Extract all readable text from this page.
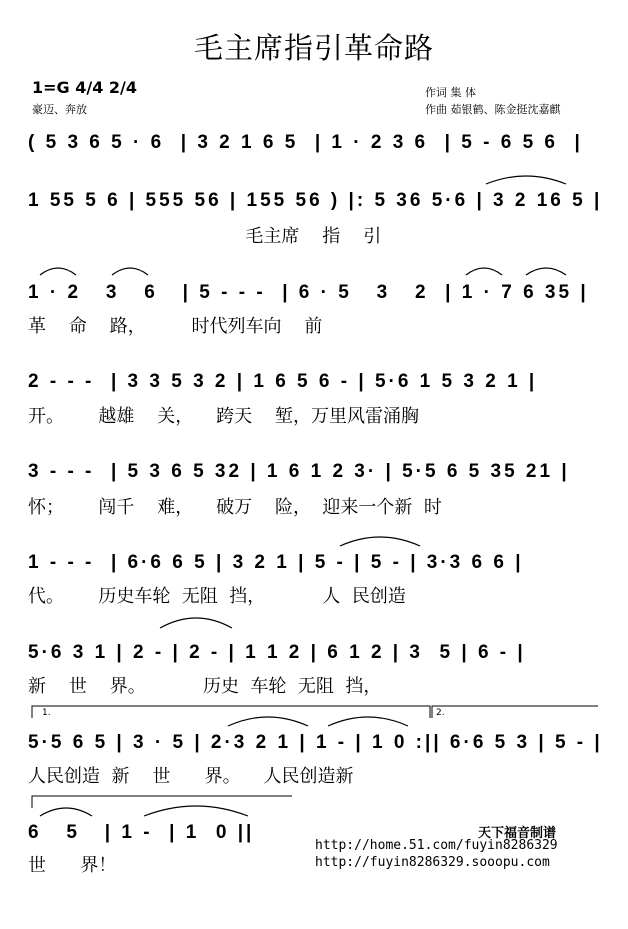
毛主席指引革命路
1=G 4/4 2/4
豪迈、奔放
作词 集 体
作曲 茹银鹤、陈金挺沈嘉麒
( 5 3 6 5 · 6  | 3 2 1 6 5  | 1 · 2 3 6  | 5 - 6 5 6  |
1 55 5 6 | 555 56 | 155 56 ) |: 5 36 5·6 | 3 2 16 5 |
毛主席    指    引
1 · 2   3   6   | 5 - - -  | 6 · 5   3   2  | 1 · 7 6 35 |
革    命    路，        时代列车向    前
2 - - -  | 3 3 5 3 2 | 1 6 5 6 - | 5·6 1 5 3 2 1 |
开。      越雄    关，    跨天    堑，万里风雷涌胸
3 - - -  | 5 3 6 5 32 | 1 6 1 2 3· | 5·5 6 5 35 21 |
怀；      闯千    难，    破万    险，  迎来一个新  时
1 - - -  | 6·6 6 5 | 3 2 1 | 5 - | 5 - | 3·3 6 6 |
代。      历史车轮  无阻  挡，          人  民创造
5·6 3 1 | 2 - | 2 - | 1 1 2 | 6 1 2 | 3  5 | 6 - |
新    世    界。          历史  车轮  无阻  挡，
5·5 6 5 | 3 · 5 | 2·3 2 1 | 1 - | 1 0 :|| 6·6 5 3 | 5 - |
人民创造  新    世      界。    人民创造新
6   5   | 1 -  | 1  0 ||
世      界！
1.	2.
天下福音制谱
http://home.51.com/fuyin8286329
http://fuyin8286329.sooopu.com
